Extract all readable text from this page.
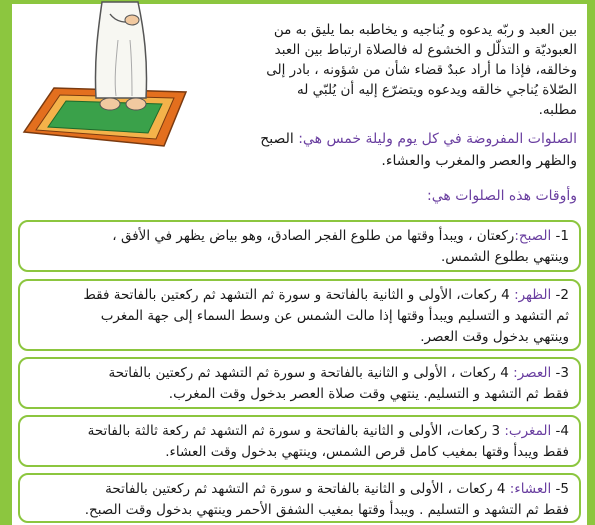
بين العبد و ربّه يدعوه و يُناجيه و يخاطبه بما يليق به من
العبوديّة و التذلّل و الخشوع له فالصلاة ارتباط بين العبد
وخالقه، فإذا ما أراد عبدٌ قضاء شأن من شؤونه ، بادر إلى
الصّلاة يُناجي خالقه ويدعوه ويتضرّع إليه أن يُلبّي له
مطلبه.
الصلوات المفروضة في كل يوم وليلة خمس هي: الصبح
والظهر والعصر والمغرب والعشاء.
وأوقات هذه الصلوات هي:
1- الصبح:ركعتان ، ويبدأ وقتها من طلوع الفجر الصادق، وهو بياض يظهر في الأفق ،
وينتهي بطلوع الشمس.
2- الظهر: 4 ركعات، الأولى و الثانية بالفاتحة و سورة ثم التشهد ثم ركعتين بالفاتحة فقط
ثم التشهد و التسليم ويبدأ وقتها إذا مالت الشمس عن وسط السماء إلى جهة المغرب
وينتهي بدخول وقت العصر.
3- العصر: 4 ركعات ، الأولى و الثانية بالفاتحة و سورة ثم التشهد ثم ركعتين بالفاتحة
فقط ثم التشهد و التسليم. ينتهي وقت صلاة العصر بدخول وقت المغرب.
4- المغرب: 3 ركعات، الأولى و الثانية بالفاتحة و سورة ثم التشهد ثم ركعة ثالثة بالفاتحة
فقط ويبدأ وقتها بمغيب كامل قرص الشمس، وينتهي بدخول وقت العشاء.
5- العشاء: 4 ركعات ، الأولى و الثانية بالفاتحة و سورة ثم التشهد ثم ركعتين بالفاتحة
فقط ثم التشهد و التسليم . ويبدأ وقتها بمغيب الشفق الأحمر وينتهي بدخول وقت الصبح.
